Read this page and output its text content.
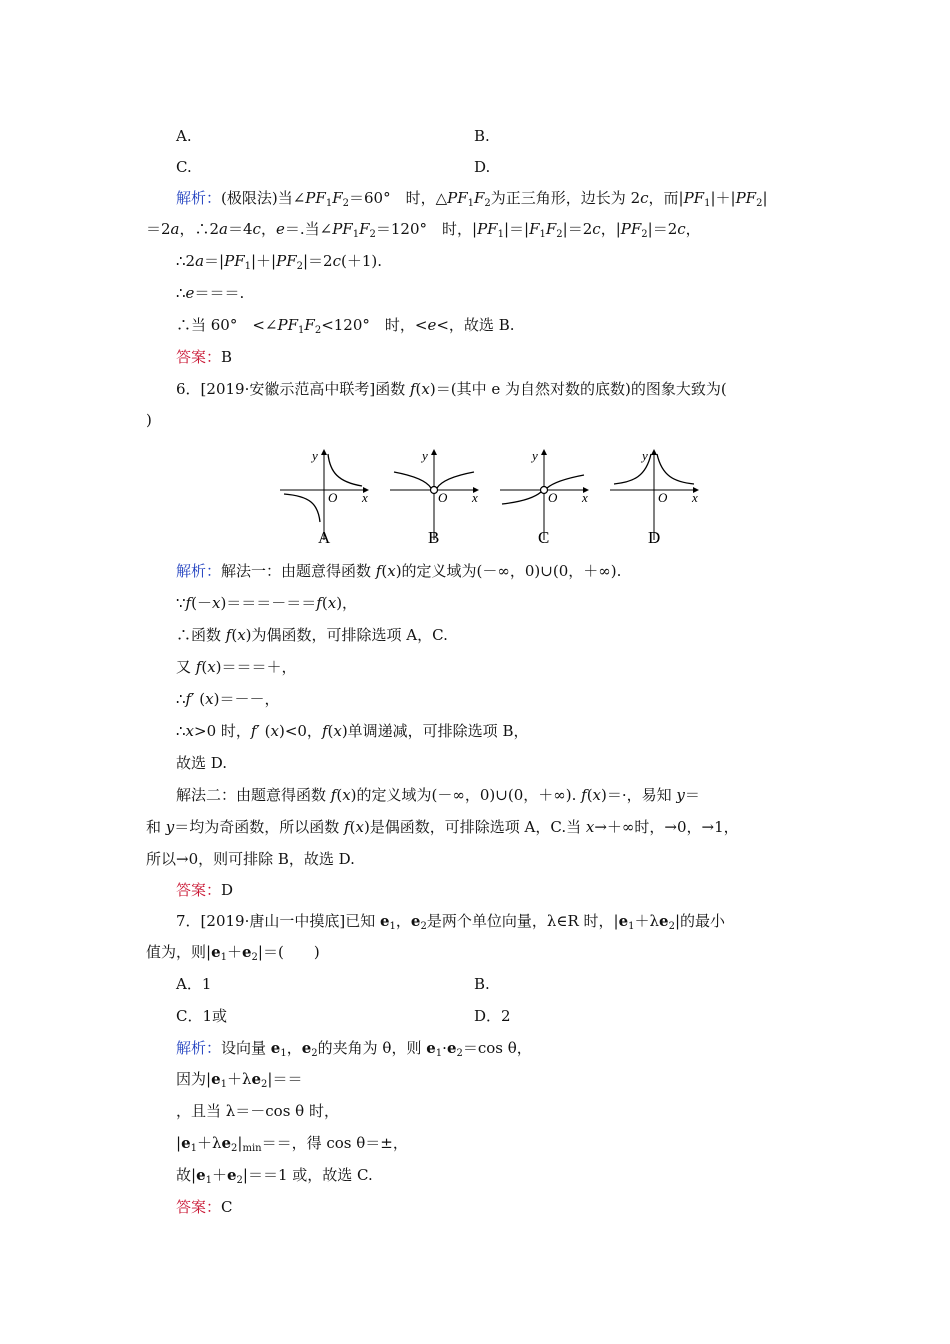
A.	B.
C.	D.
解析：(极限法)当$\angle PF_1F_2=60^\circ$　时，$\triangle PF_1F_2$为正三角形，边长为 2c，而$|PF_1|+|PF_2|$
＝2a，∴2a＝4c，e＝.当$\angle PF_1F_2=120^\circ$　时，$|PF_1|=|F_1F_2|=2c$，$|PF_2|=2c$，
$\therefore 2a=|PF_1|+|PF_2|=2c(+1)$.
∴e＝＝＝.
∴当 60°　$<\angle PF_1F_2<120^\circ$　时，<e<，故选 B.
答案：B
6．[2019·安徽示范高中联考]函数 f(x)＝(其中 e 为自然对数的底数)的图象大致为(
)
y
x
O
A
y
x
O
B
y
x
O
C
y
x
O
D
解析：解法一：由题意得函数 f(x)的定义域为(－∞，0)∪(0，＋∞).
∵f(－x)＝＝＝－＝＝f(x)，
∴函数 f(x)为偶函数，可排除选项 A，C.
又 f(x)＝＝＝＋，
∴f′ (x)＝－－，
∴x>0 时，f′ (x)<0，f(x)单调递减，可排除选项 B，
故选 D.
解法二：由题意得函数 f(x)的定义域为(－∞，0)∪(0，＋∞). f(x)＝·，易知 y＝
和 y＝均为奇函数，所以函数 f(x)是偶函数，可排除选项 A，C.当 x→＋∞时，→0，→1，
所以→0，则可排除 B，故选 D.
答案：D
7．[2019·唐山一中摸底]已知 $e_1$，$e_2$是两个单位向量，λ∈R 时，$|e_1+\lambda e_2|$的最小
值为，则$|e_1+e_2|=$(　　)
A．1	B.
C．1或	D．2
解析：设向量 $e_1$，$e_2$的夹角为 θ，则 $e_1\cdot e_2=\cos$ θ，
因为$|e_1+\lambda e_2|==$
，且当 λ＝－cos θ 时，
$|e_1+\lambda e_2|_{min}==$，得 cos θ＝±，
故$|e_1+e_2|==1$ 或，故选 C.
答案：C
